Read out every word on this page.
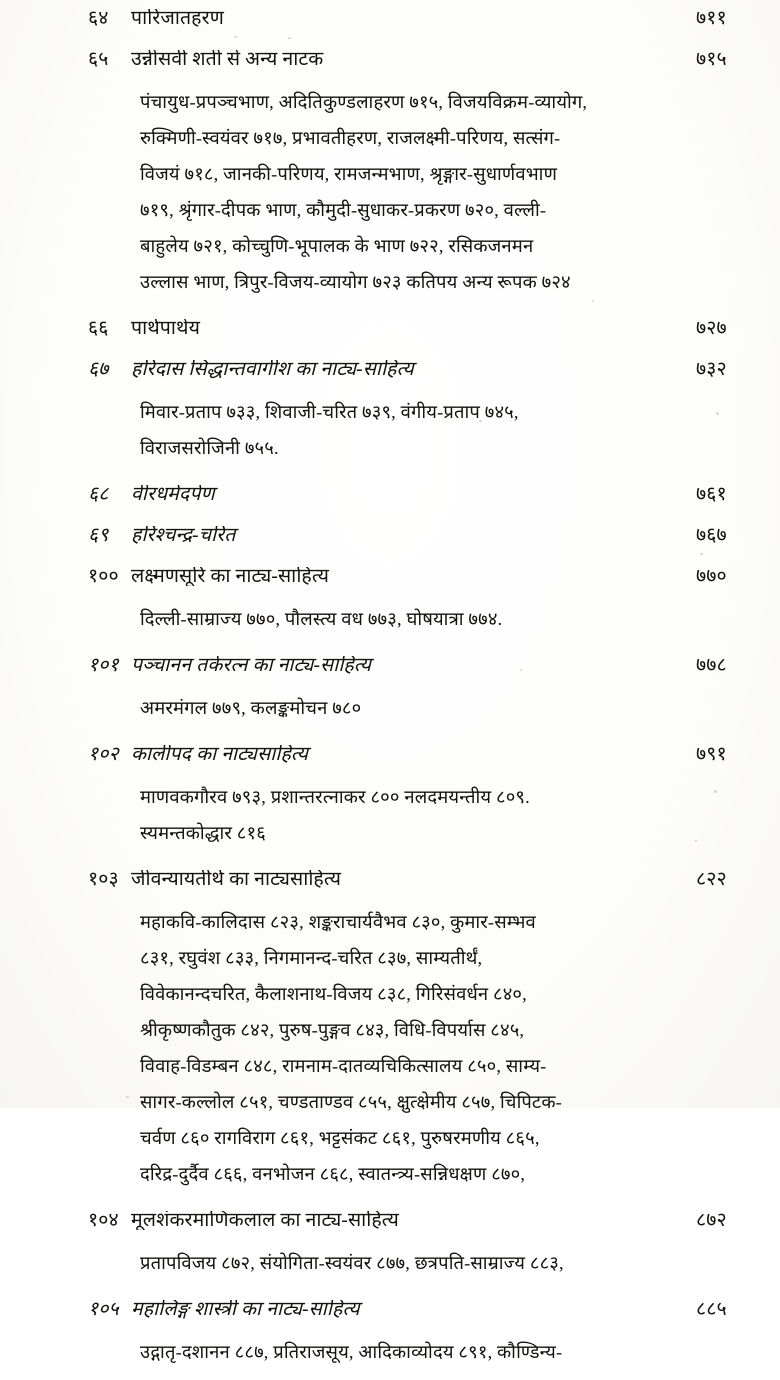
६४	पारिजातहरण	७११
६५	उन्नीसवीं शती से अन्य नाटक	७१५
पंचायुध-प्रपञ्चभाण, अदितिकुण्डलाहरण ७१५, विजयविक्रम-व्यायोग,
रुक्मिणी-स्वयंवर ७१७, प्रभावतीहरण, राजलक्ष्मी-परिणय, सत्संग-
विजयं ७१८, जानकी-परिणय, रामजन्मभाण, श्रृङ्गार-सुधार्णवभाण
७१९, श्रृंगार-दीपक भाण, कौमुदी-सुधाकर-प्रकरण ७२०, वल्ली-
बाहुलेय ७२१, कोच्चुणि-भूपालक के भाण ७२२, रसिकजनमन
उल्लास भाण, त्रिपुर-विजय-व्यायोग ७२३ कतिपय अन्य रूपक ७२४
६६	पार्थपाथेय	७२७
६७	हरिदास सिद्धान्तवागीश का नाट्य-साहित्य	७३२
मिवार-प्रताप ७३३, शिवाजी-चरित ७३९, वंगीय-प्रताप ७४५,
विराजसरोजिनी ७५५.
६८	वीरधर्मदर्पण	७६१
६९	हरिश्चन्द्र-चरित	७६७
१०० लक्ष्मणसूरि का नाट्य-साहित्य	७७०
दिल्ली-साम्राज्य ७७०, पौलस्त्य वध ७७३, घोषयात्रा ७७४.
१०१ पञ्चानन तर्करत्न का नाट्य-साहित्य	७७८
अमरमंगल ७७९, कलङ्कमोचन ७८०
१०२ कालीपद का नाट्यसाहित्य	७९१
माणवकगौरव ७९३, प्रशान्तरत्नाकर ८०० नलदमयन्तीय ८०९.
स्यमन्तकोद्धार ८१६
१०३ जीवन्यायतीर्थ का नाट्यसाहित्य	८२२
महाकवि-कालिदास ८२३, शङ्कराचार्यवैभव ८३०, कुमार-सम्भव
८३१, रघुवंश ८३३, निगमानन्द-चरित ८३७, साम्यतीर्थं,
विवेकानन्दचरित, कैलाशनाथ-विजय ८३८, गिरिसंवर्धन ८४०,
श्रीकृष्णकौतुक ८४२, पुरुष-पुङ्गव ८४३, विधि-विपर्यास ८४५,
विवाह-विडम्बन ८४८, रामनाम-दातव्यचिकित्सालय ८५०, साम्य-
सागर-कल्लोल ८५१, चण्डताण्डव ८५५, क्षुत्क्षेमीय ८५७, चिपिटक-
चर्वण ८६० रागविराग ८६१, भट्टसंकट ८६१, पुरुषरमणीय ८६५,
दरिद्र-दुर्दैव ८६६, वनभोजन ८६८, स्वातन्त्र्य-सन्निधक्षण ८७०,
१०४ मूलशंकरमाणिकलाल का नाट्य-साहित्य	८७२
प्रतापविजय ८७२, संयोगिता-स्वयंवर ८७७, छत्रपति-साम्राज्य ८८३,
१०५ महालिङ्ग शास्त्री का नाट्य-साहित्य	८८५
उद्गातृ-दशानन ८८७, प्रतिराजसूय, आदिकाव्योदय ८९१, कौण्डिन्य-
